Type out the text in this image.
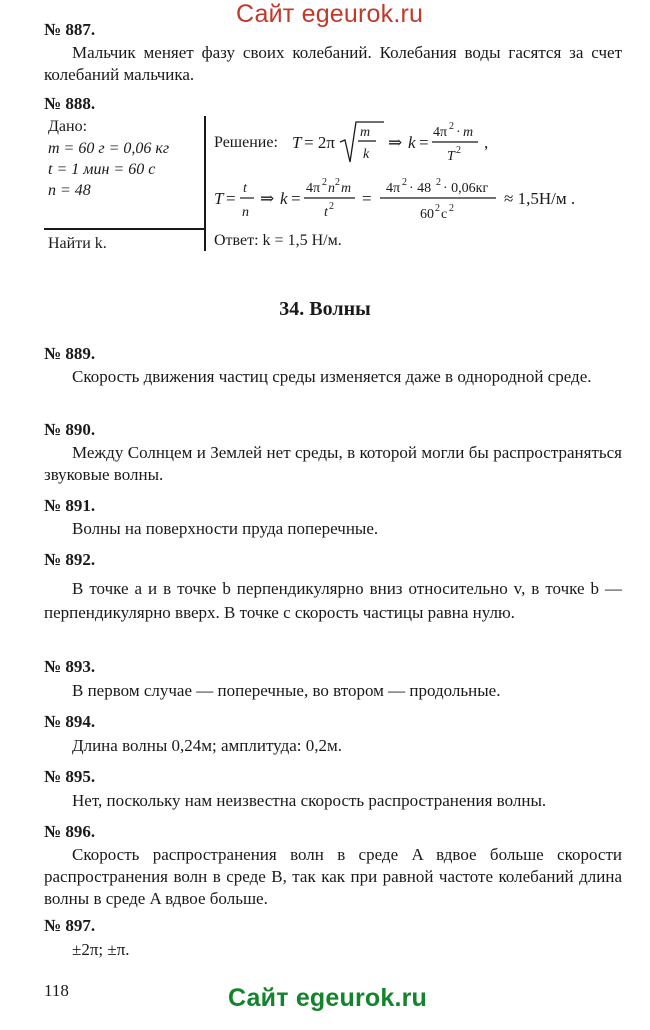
Сайт egeurok.ru
№ 887.
Мальчик меняет фазу своих колебаний. Колебания воды гасятся за счет колебаний мальчика.
№ 888.
Дано:
m = 60 г = 0,06 кг
t = 1 мин = 60 с
n = 48
Найти k.
Решение: T = 2π
m
k
⇒ k =
4π 2 · m
T 2 ,
T =
t
n
⇒ k =
4π 2 n 2 m
t 2 =
4π 2 · 48 2 · 0,06кг
60 2 с 2
≈ 1,5Н/м .
Ответ: k = 1,5 Н/м.
34. Волны
№ 889.
Скорость движения частиц среды изменяется даже в однородной среде.
№ 890.
Между Солнцем и Землей нет среды, в которой могли бы распространяться звуковые волны.
№ 891.
Волны на поверхности пруда поперечные.
№ 892.
В точке a и в точке b перпендикулярно вниз относительно v, в точке b — перпендикулярно вверх. В точке c скорость частицы равна нулю.
№ 893.
В первом случае — поперечные, во втором — продольные.
№ 894.
Длина волны 0,24м; амплитуда: 0,2м.
№ 895.
Нет, поскольку нам неизвестна скорость распространения волны.
№ 896.
Скорость распространения волн в среде A вдвое больше скорости распространения волн в среде B, так как при равной частоте колебаний длина волны в среде A вдвое больше.
№ 897.
±2π; ±π.
118	Сайт egeurok.ru
